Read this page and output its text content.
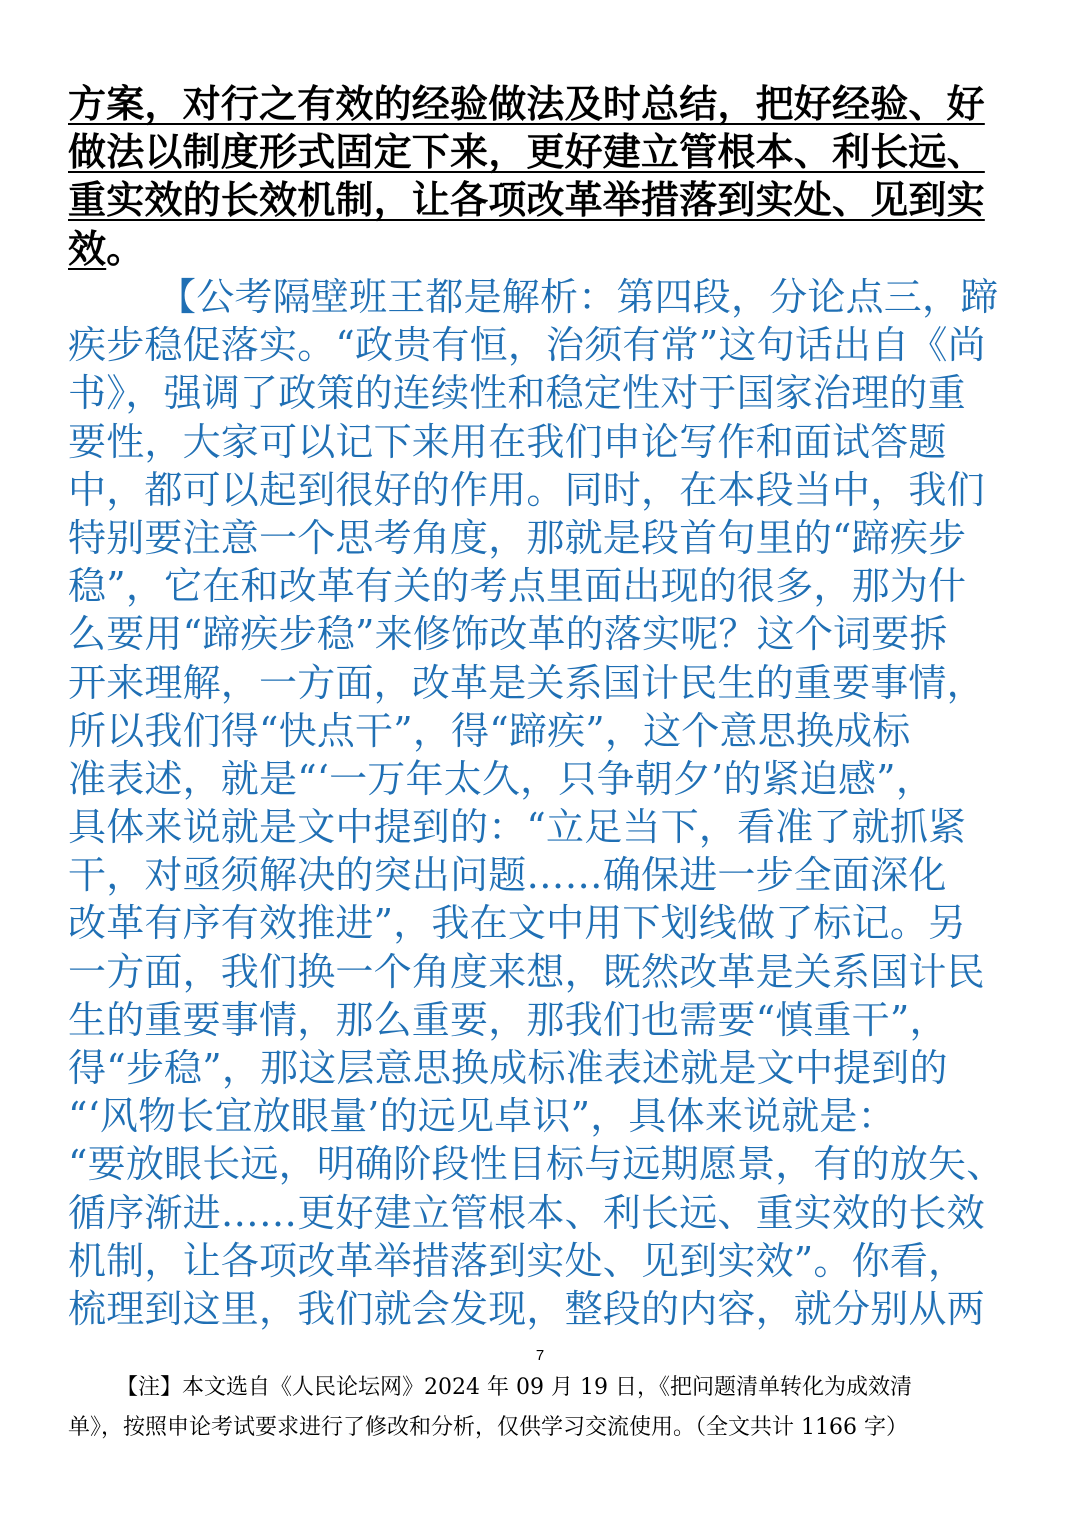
方案，对行之有效的经验做法及时总结，把好经验、好
做法以制度形式固定下来，更好建立管根本、利长远、
重实效的长效机制，让各项改革举措落到实处、见到实
效。
【公考隔壁班王都是解析：第四段，分论点三，蹄
疾步稳促落实。“政贵有恒，治须有常”这句话出自《尚
书》，强调了政策的连续性和稳定性对于国家治理的重
要性，大家可以记下来用在我们申论写作和面试答题
中，都可以起到很好的作用。同时，在本段当中，我们
特别要注意一个思考角度，那就是段首句里的“蹄疾步
稳”，它在和改革有关的考点里面出现的很多，那为什
么要用“蹄疾步稳”来修饰改革的落实呢？这个词要拆
开来理解，一方面，改革是关系国计民生的重要事情，
所以我们得“快点干”，得“蹄疾”，这个意思换成标
准表述，就是“‘一万年太久，只争朝夕’的紧迫感”，
具体来说就是文中提到的：“立足当下，看准了就抓紧
干，对亟须解决的突出问题……确保进一步全面深化
改革有序有效推进”，我在文中用下划线做了标记。另
一方面，我们换一个角度来想，既然改革是关系国计民
生的重要事情，那么重要，那我们也需要“慎重干”，
得“步稳”，那这层意思换成标准表述就是文中提到的
“‘风物长宜放眼量’的远见卓识”，具体来说就是：
“要放眼长远，明确阶段性目标与远期愿景，有的放矢、
循序渐进……更好建立管根本、利长远、重实效的长效
机制，让各项改革举措落到实处、见到实效”。你看，
梳理到这里，我们就会发现，整段的内容，就分别从两
7
【注】本文选自《人民论坛网》2024 年 09 月 19 日，《把问题清单转化为成效清
单》，按照申论考试要求进行了修改和分析，仅供学习交流使用。（全文共计 1166 字）
